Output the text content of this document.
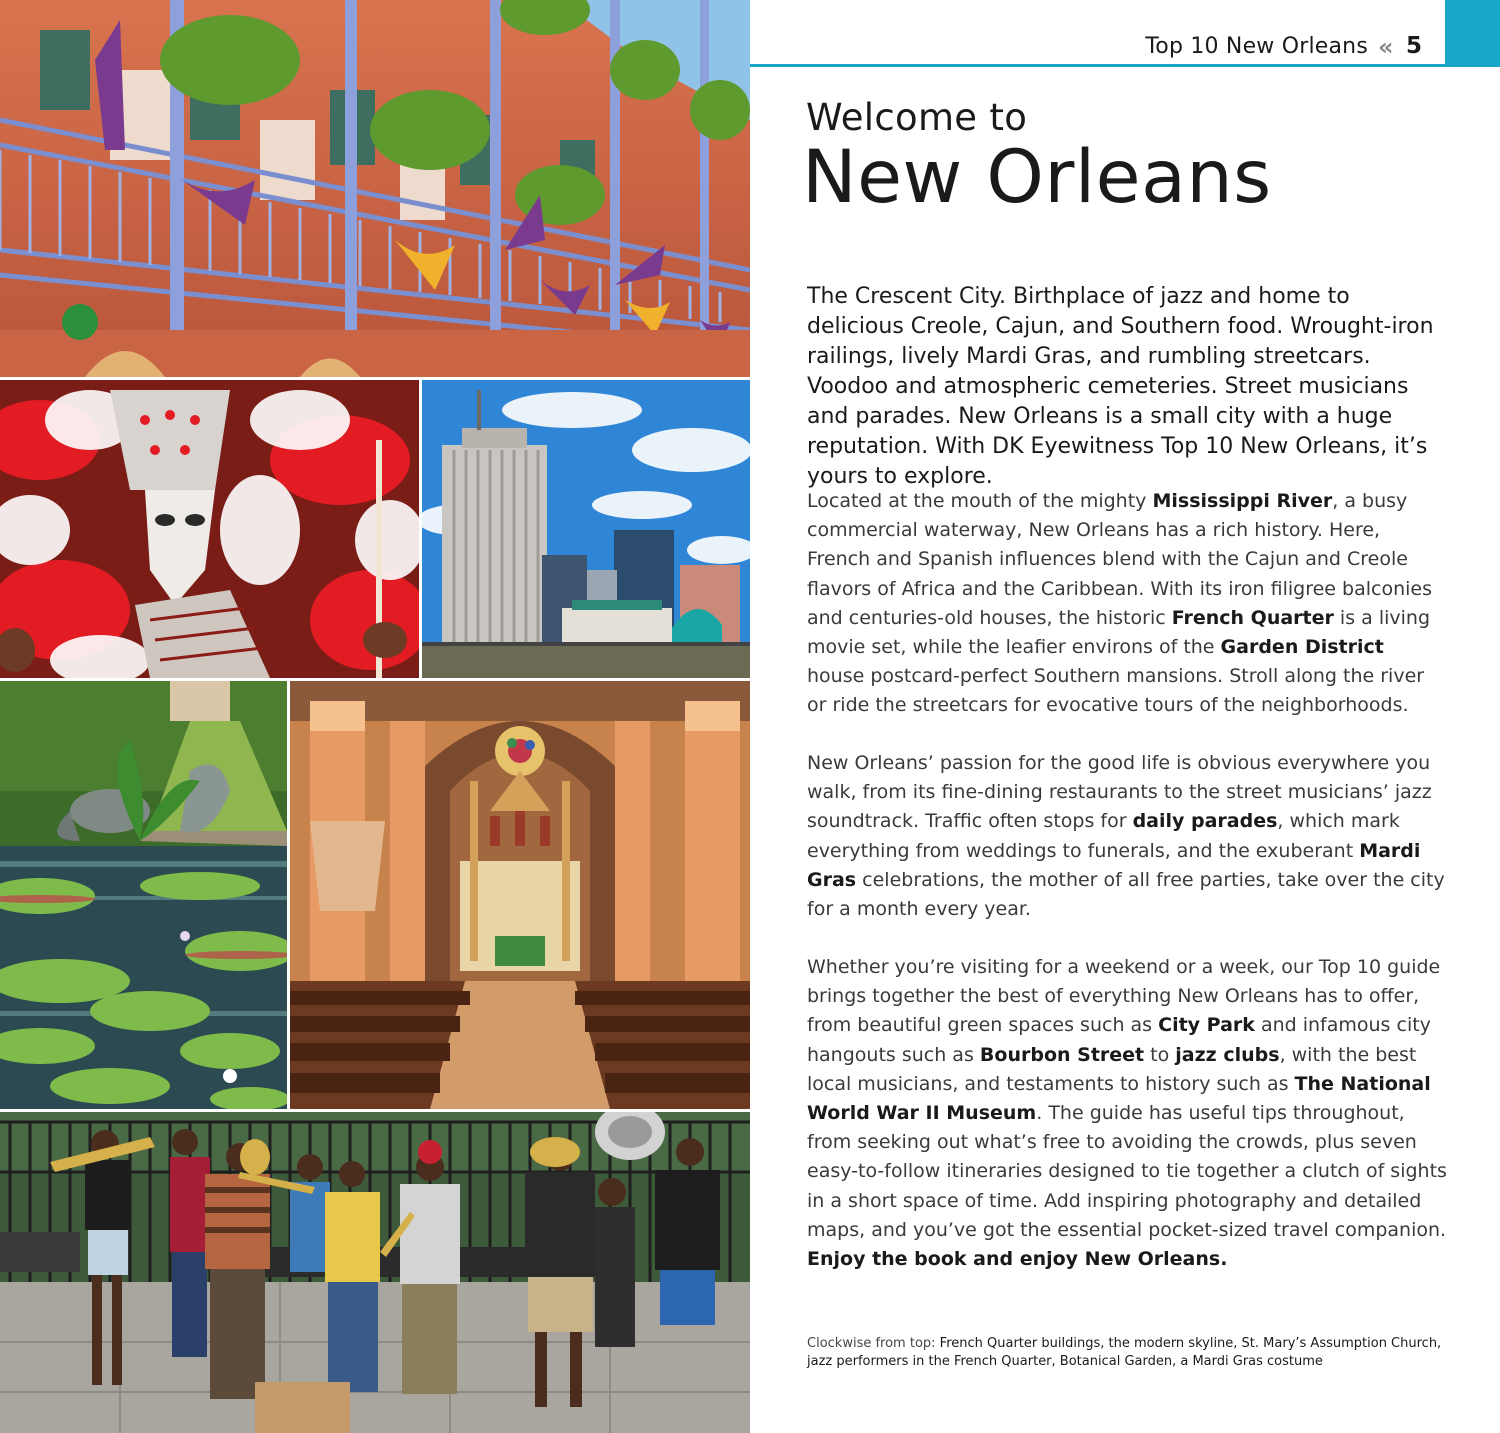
Top 10 New Orleans « 5
Welcome to
New Orleans

The Crescent City. Birthplace of jazz and home to delicious Creole, Cajun, and Southern food. Wrought-iron railings, lively Mardi Gras, and rumbling streetcars. Voodoo and atmospheric cemeteries. Street musicians and parades. New Orleans is a small city with a huge reputation. With DK Eyewitness Top 10 New Orleans, it’s yours to explore.

Located at the mouth of the mighty Mississippi River, a busy commercial waterway, New Orleans has a rich history. Here, French and Spanish influences blend with the Cajun and Creole flavors of Africa and the Caribbean. With its iron filigree balconies and centuries-old houses, the historic French Quarter is a living movie set, while the leafier environs of the Garden District house postcard-perfect Southern mansions. Stroll along the river or ride the streetcars for evocative tours of the neighborhoods.

New Orleans’ passion for the good life is obvious everywhere you walk, from its fine-dining restaurants to the street musicians’ jazz soundtrack. Traffic often stops for daily parades, which mark everything from weddings to funerals, and the exuberant Mardi Gras celebrations, the mother of all free parties, take over the city for a month every year.

Whether you’re visiting for a weekend or a week, our Top 10 guide brings together the best of everything New Orleans has to offer, from beautiful green spaces such as City Park and infamous city hangouts such as Bourbon Street to jazz clubs, with the best local musicians, and testaments to history such as The National World War II Museum. The guide has useful tips throughout, from seeking out what’s free to avoiding the crowds, plus seven easy-to-follow itineraries designed to tie together a clutch of sights in a short space of time. Add inspiring photography and detailed maps, and you’ve got the essential pocket-sized travel companion. Enjoy the book and enjoy New Orleans.

Clockwise from top: French Quarter buildings, the modern skyline, St. Mary’s Assumption Church, jazz performers in the French Quarter, Botanical Garden, a Mardi Gras costume
